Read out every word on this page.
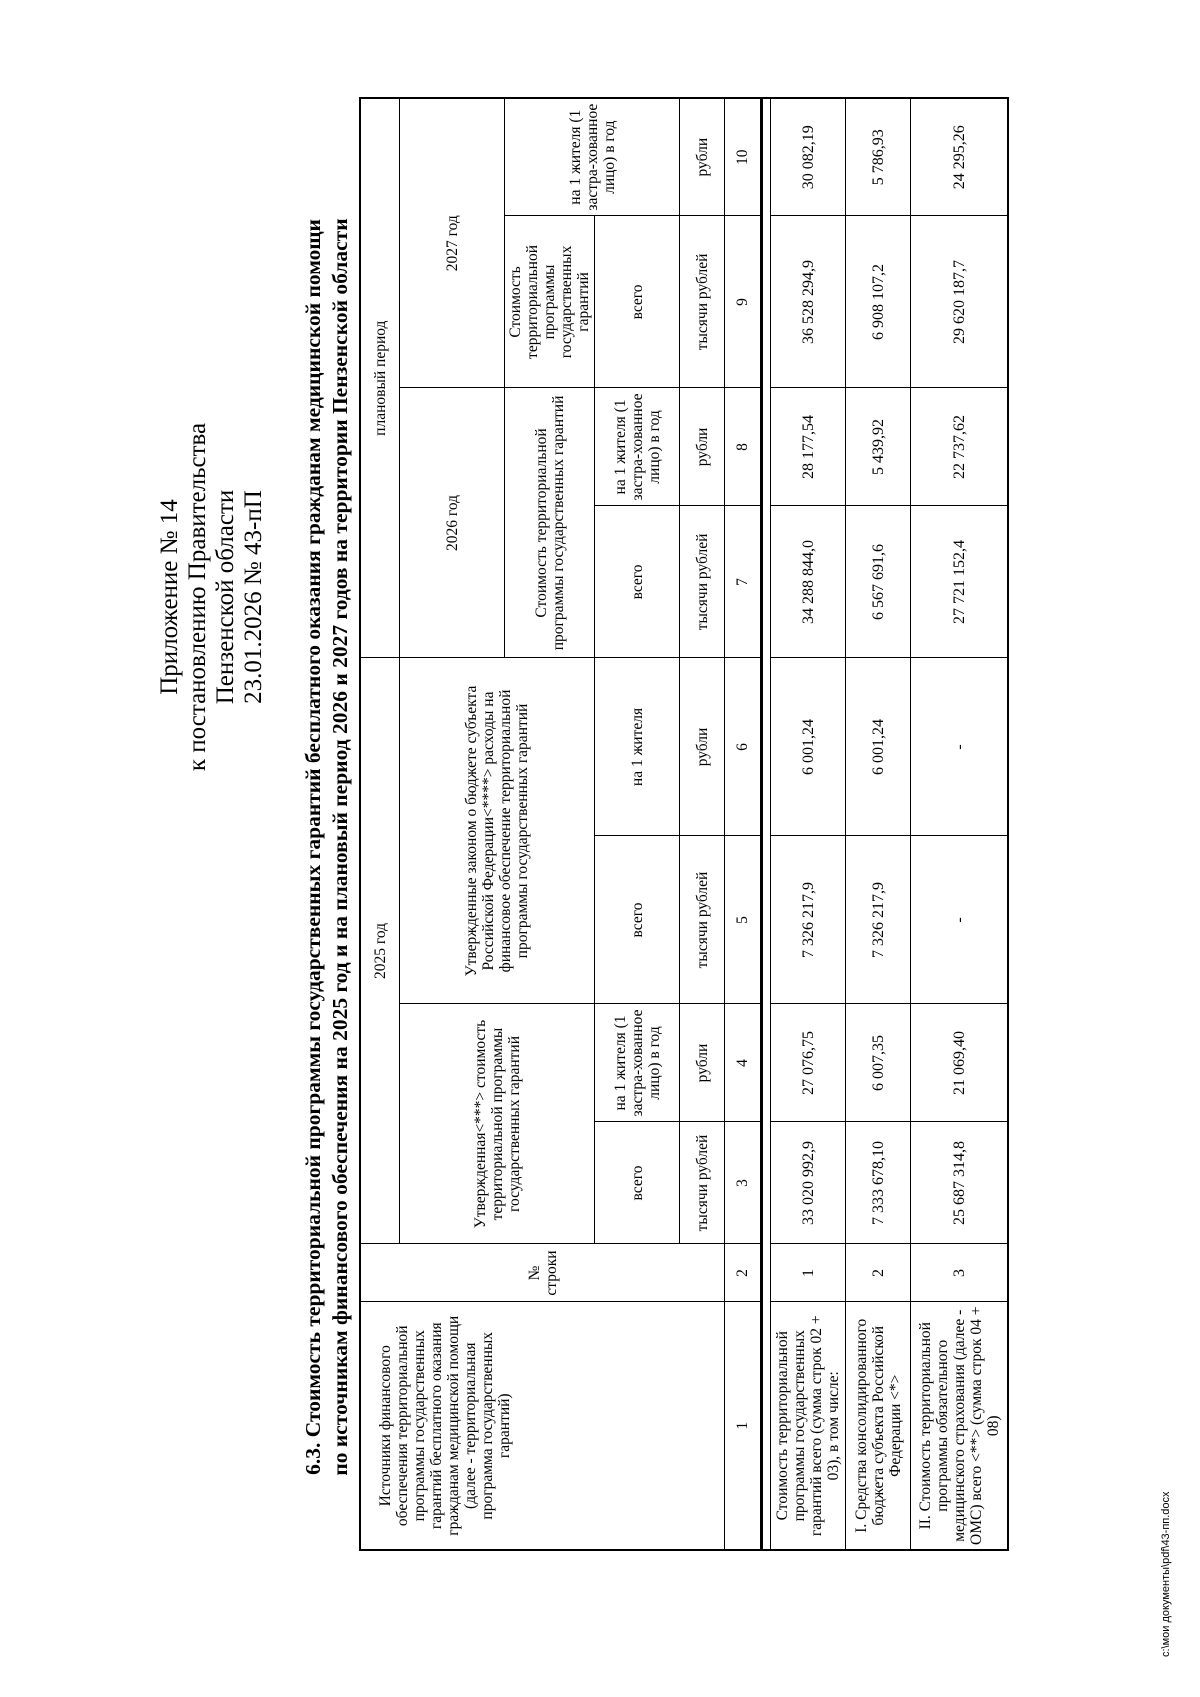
Приложение № 14 к постановлению Правительства Пензенской области 23.01.2026 № 43-пП 6.3. Стоимость территориальной программы государственных гарантий бесплатного оказания гражданам медицинской помощи по источникам финансового обеспечения на 2025 год и на плановый период 2026 и 2027 годов на территории Пензенской области Источники финансового обеспечения территориальной программы государственных гарантий бесплатного оказания гражданам медицинской помощи (далее - территориальная программа государственных гарантий)	№ строки	2025 год				плановый период			
		Утвержденная<***> стоимость территориальной программы государственных гарантий		Утвержденные законом о бюджете субъекта Российской Федерации<****> расходы на финансовое обеспечение территориальной программы государственных гарантий		2026 год		2027 год	
						Стоимость территориальной программы государственных гарантий		Стоимость территориальной программы государственных гарантий	на 1 жителя (1 застра-хованное лицо) в год
		всего	на 1 жителя (1 застра-хованное лицо) в год	всего	на 1 жителя	всего	на 1 жителя (1 застра-хованное лицо) в год	всего	
		тысячи рублей	рубли	тысячи рублей	рубли	тысячи рублей	рубли	тысячи рублей	рубли
1	2	3	4	5	6	7	8	9	10

Стоимость территориальной программы государственных гарантий всего (сумма строк 02 + 03), в том числе:	1	33 020 992,9	27 076,75	7 326 217,9	6 001,24	34 288 844,0	28 177,54	36 528 294,9	30 082,19
I. Средства консолидированного бюджета субъекта Российской Федерации <*>	2	7 333 678,10	6 007,35	7 326 217,9	6 001,24	6 567 691,6	5 439,92	6 908 107,2	5 786,93
II. Стоимость территориальной программы обязательного медицинского страхования (далее - ОМС) всего <**> (сумма строк 04 + 08)	3	25 687 314,8	21 069,40	-	-	27 721 152,4	22 737,62	29 620 187,7	24 295,26
c:\мои документы\pdf\43-пп.docx
